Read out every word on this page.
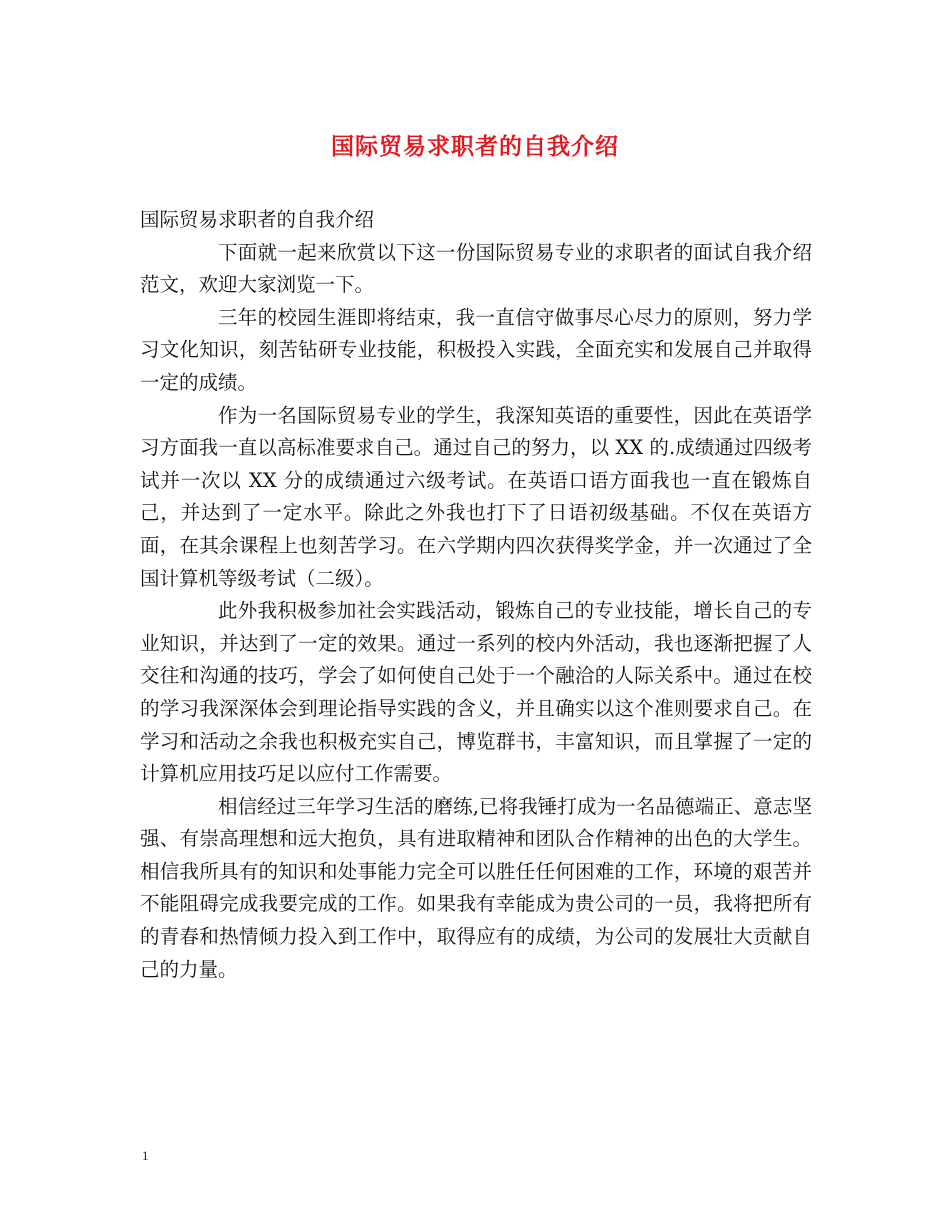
国际贸易求职者的自我介绍

国际贸易求职者的自我介绍

下面就一起来欣赏以下这一份国际贸易专业的求职者的面试自我介绍范文，欢迎大家浏览一下。

三年的校园生涯即将结束，我一直信守做事尽心尽力的原则，努力学习文化知识，刻苦钻研专业技能，积极投入实践，全面充实和发展自己并取得一定的成绩。

作为一名国际贸易专业的学生，我深知英语的重要性，因此在英语学习方面我一直以高标准要求自己。通过自己的努力，以 XX 的.成绩通过四级考试并一次以 XX 分的成绩通过六级考试。在英语口语方面我也一直在锻炼自己，并达到了一定水平。除此之外我也打下了日语初级基础。不仅在英语方面，在其余课程上也刻苦学习。在六学期内四次获得奖学金，并一次通过了全国计算机等级考试（二级）。

此外我积极参加社会实践活动，锻炼自己的专业技能，增长自己的专业知识，并达到了一定的效果。通过一系列的校内外活动，我也逐渐把握了人交往和沟通的技巧，学会了如何使自己处于一个融洽的人际关系中。通过在校的学习我深深体会到理论指导实践的含义，并且确实以这个准则要求自己。在学习和活动之余我也积极充实自己，博览群书，丰富知识，而且掌握了一定的计算机应用技巧足以应付工作需要。

相信经过三年学习生活的磨练,已将我锤打成为一名品德端正、意志坚强、有崇高理想和远大抱负，具有进取精神和团队合作精神的出色的大学生。相信我所具有的知识和处事能力完全可以胜任任何困难的工作，环境的艰苦并不能阻碍完成我要完成的工作。如果我有幸能成为贵公司的一员，我将把所有的青春和热情倾力投入到工作中，取得应有的成绩，为公司的发展壮大贡献自己的力量。

1
